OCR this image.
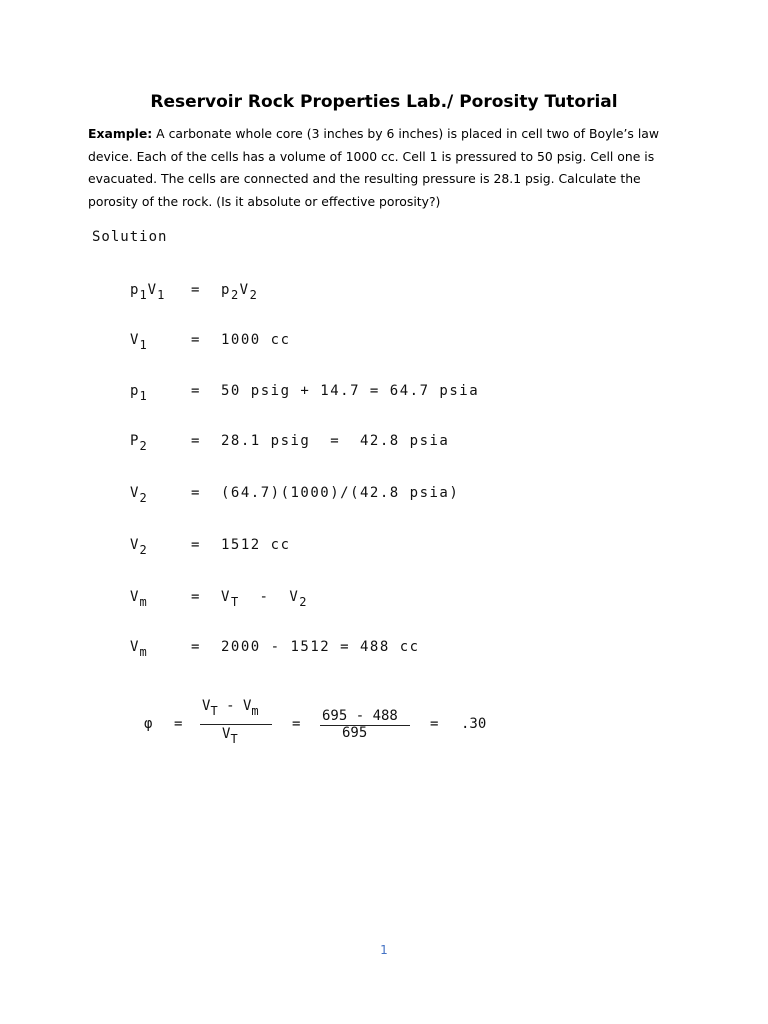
Reservoir Rock Properties Lab./ Porosity Tutorial
Example: A carbonate whole core (3 inches by 6 inches) is placed in cell two of Boyle’s law device. Each of the cells has a volume of 1000 cc. Cell 1 is pressured to 50 psig. Cell one is evacuated. The cells are connected and the resulting pressure is 28.1 psig. Calculate the porosity of the rock. (Is it absolute or effective porosity?)
Solution
$p_1V_1$	= $p_2V_2$
$V_1$	= 1000 cc
$p_1$	= 50 psig + 14.7 = 64.7 psia
$P_2$	= 28.1 psig  =  42.8 psia
$V_2$	= (64.7)(1000)/(42.8 psia)
$V_2$	= 1512 cc
$V_m$	= $V_T - V_2$
$V_m$	= 2000 - 1512 = 488 cc
φ =
$V_T - V_m$
$V_T$
= 695 - 488
695
= .30
1
